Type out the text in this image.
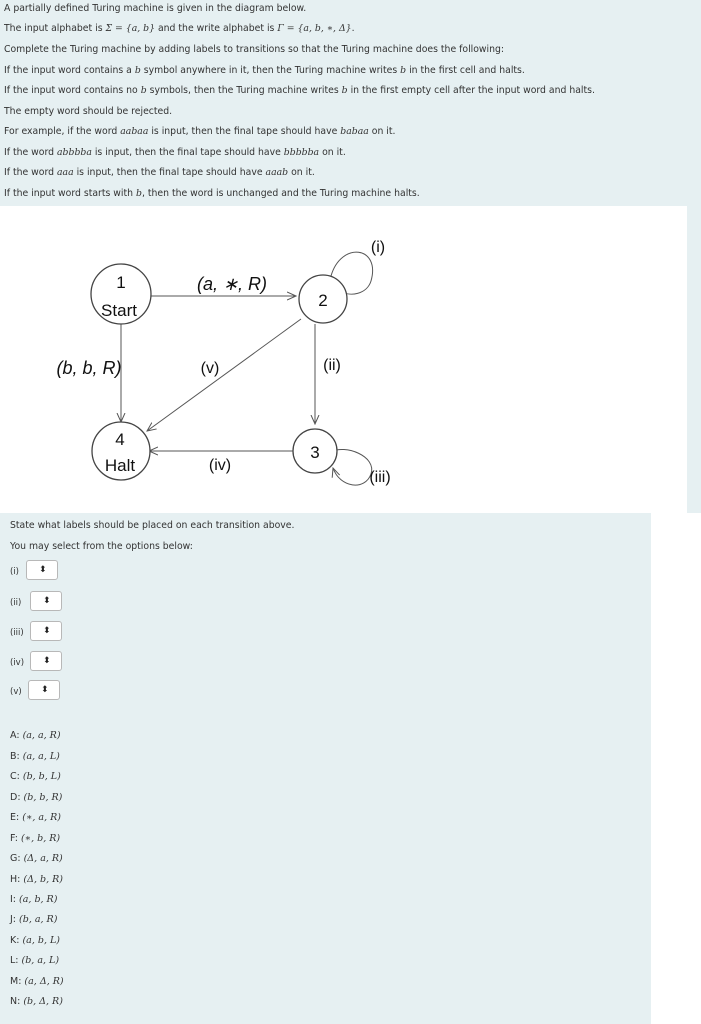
A partially defined Turing machine is given in the diagram below.
The input alphabet is Σ = {a, b} and the write alphabet is Γ = {a, b, ∗, Δ}.
Complete the Turing machine by adding labels to transitions so that the Turing machine does the following:
If the input word contains a b symbol anywhere in it, then the Turing machine writes b in the first cell and halts.
If the input word contains no b symbols, then the Turing machine writes b in the first empty cell after the input word and halts.
The empty word should be rejected.
For example, if the word aabaa is input, then the final tape should have babaa on it.
If the word abbbba is input, then the final tape should have bbbbba on it.
If the word aaa is input, then the final tape should have aaab on it.
If the input word starts with b, then the word is unchanged and the Turing machine halts.
1
Start
2
3
4
Halt
(a, ∗, R)
(b, b, R)
(i)
(ii)
(iii)
(iv)
(v)
State what labels should be placed on each transition above.
You may select from the options below:
(i) ⬍
(ii) ⬍
(iii) ⬍
(iv) ⬍
(v) ⬍
A: (a, a, R)
B: (a, a, L)
C: (b, b, L)
D: (b, b, R)
E: (∗, a, R)
F: (∗, b, R)
G: (Δ, a, R)
H: (Δ, b, R)
I: (a, b, R)
J: (b, a, R)
K: (a, b, L)
L: (b, a, L)
M: (a, Δ, R)
N: (b, Δ, R)
